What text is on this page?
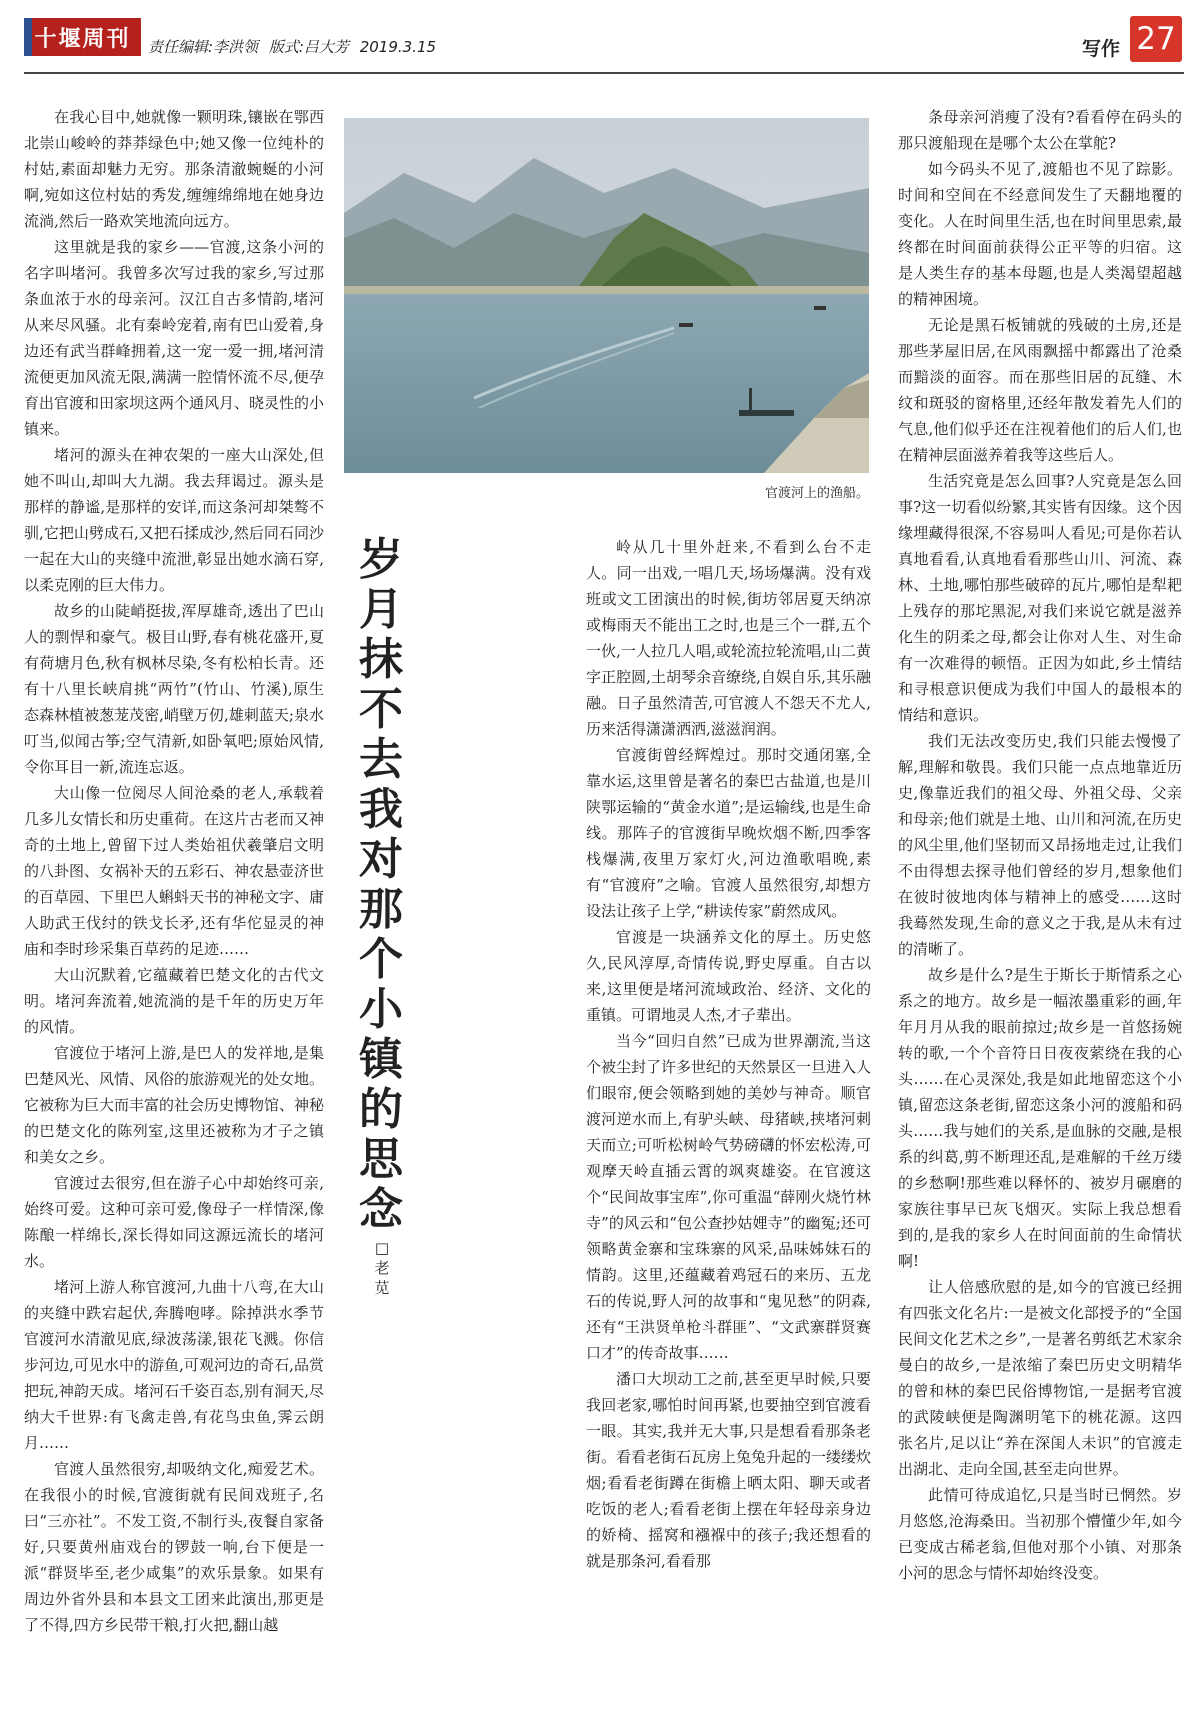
十堰周刊	责任编辑:李洪领 版式:吕大芳 2019.3.15	写作 27

在我心目中,她就像一颗明珠,镶嵌在鄂西北崇山峻岭的莽莽绿色中;她又像一位纯朴的村姑,素面却魅力无穷。那条清澈蜿蜒的小河啊,宛如这位村姑的秀发,缠缠绵绵地在她身边流淌,然后一路欢笑地流向远方。

这里就是我的家乡——官渡,这条小河的名字叫堵河。我曾多次写过我的家乡,写过那条血浓于水的母亲河。汉江自古多情韵,堵河从来尽风骚。北有秦岭宠着,南有巴山爱着,身边还有武当群峰拥着,这一宠一爱一拥,堵河清流便更加风流无限,满满一腔情怀流不尽,便孕育出官渡和田家坝这两个通风月、晓灵性的小镇来。

堵河的源头在神农架的一座大山深处,但她不叫山,却叫大九湖。我去拜谒过。源头是那样的静谧,是那样的安详,而这条河却桀骜不驯,它把山劈成石,又把石揉成沙,然后同石同沙一起在大山的夹缝中流泄,彰显出她水滴石穿,以柔克刚的巨大伟力。

故乡的山陡峭挺拔,浑厚雄奇,透出了巴山人的剽悍和豪气。极目山野,春有桃花盛开,夏有荷塘月色,秋有枫林尽染,冬有松柏长青。还有十八里长峡肩挑“两竹”(竹山、竹溪),原生态森林植被葱茏茂密,峭壁万仞,雄刺蓝天;泉水叮当,似闻古筝;空气清新,如卧氧吧;原始风情,令你耳目一新,流连忘返。

大山像一位阅尽人间沧桑的老人,承载着几多儿女情长和历史重荷。在这片古老而又神奇的土地上,曾留下过人类始祖伏羲肇启文明的八卦图、女祸补天的五彩石、神农悬壶济世的百草园、下里巴人蝌蚪天书的神秘文字、庸人助武王伐纣的铁戈长矛,还有华佗显灵的神庙和李时珍采集百草药的足迹……

大山沉默着,它蕴藏着巴楚文化的古代文明。堵河奔流着,她流淌的是千年的历史万年的风情。

官渡位于堵河上游,是巴人的发祥地,是集巴楚风光、风情、风俗的旅游观光的处女地。它被称为巨大而丰富的社会历史博物馆、神秘的巴楚文化的陈列室,这里还被称为才子之镇和美女之乡。

官渡过去很穷,但在游子心中却始终可亲,始终可爱。这种可亲可爱,像母子一样情深,像陈酿一样绵长,深长得如同这源远流长的堵河水。

堵河上游人称官渡河,九曲十八弯,在大山的夹缝中跌宕起伏,奔腾咆哮。除掉洪水季节官渡河水清澈见底,绿波荡漾,银花飞溅。你信步河边,可见水中的游鱼,可观河边的奇石,品赏把玩,神韵天成。堵河石千姿百态,别有洞天,尽纳大千世界:有飞禽走兽,有花鸟虫鱼,霁云朗月……

官渡人虽然很穷,却吸纳文化,痴爱艺术。在我很小的时候,官渡街就有民间戏班子,名曰“三亦社”。不发工资,不制行头,夜餐自家备好,只要黄州庙戏台的锣鼓一响,台下便是一派“群贤毕至,老少咸集”的欢乐景象。如果有周边外省外县和本县文工团来此演出,那更是了不得,四方乡民带干粮,打火把,翻山越

官渡河上的渔船。
岁月抹不去我对那个小镇的思念
□老苋

岭从几十里外赶来,不看到么台不走人。同一出戏,一唱几天,场场爆满。没有戏班或文工团演出的时候,街坊邻居夏天纳凉或梅雨天不能出工之时,也是三个一群,五个一伙,一人拉几人唱,或轮流拉轮流唱,山二黄字正腔圆,土胡琴余音缭绕,自娱自乐,其乐融融。日子虽然清苦,可官渡人不怨天不尤人,历来活得潇潇洒洒,滋滋润润。

官渡街曾经辉煌过。那时交通闭塞,全靠水运,这里曾是著名的秦巴古盐道,也是川陕鄂运输的“黄金水道”;是运输线,也是生命线。那阵子的官渡街早晚炊烟不断,四季客栈爆满,夜里万家灯火,河边渔歌唱晚,素有“官渡府”之喻。官渡人虽然很穷,却想方设法让孩子上学,“耕读传家”蔚然成风。

官渡是一块涵养文化的厚土。历史悠久,民风淳厚,奇情传说,野史厚重。自古以来,这里便是堵河流域政治、经济、文化的重镇。可谓地灵人杰,才子辈出。

当今“回归自然”已成为世界潮流,当这个被尘封了许多世纪的天然景区一旦进入人们眼帘,便会领略到她的美妙与神奇。顺官渡河逆水而上,有驴头峡、母猪峡,挟堵河刺天而立;可听松树岭气势磅礴的怀宏松涛,可观摩天岭直插云霄的飒爽雄姿。在官渡这个“民间故事宝库”,你可重温“薛刚火烧竹林寺”的风云和“包公查抄姑娌寺”的幽冤;还可领略黄金寨和宝珠寨的风采,品味姊妹石的情韵。这里,还蕴藏着鸡冠石的来历、五龙石的传说,野人河的故事和“鬼见愁”的阴森,还有“王洪贤单枪斗群匪”、“文武寨群贤赛口才”的传奇故事……

潘口大坝动工之前,甚至更早时候,只要我回老家,哪怕时间再紧,也要抽空到官渡看一眼。其实,我并无大事,只是想看看那条老街。看看老街石瓦房上兔兔升起的一缕缕炊烟;看看老街蹲在街檐上晒太阳、聊天或者吃饭的老人;看看老街上摆在年轻母亲身边的娇椅、摇窝和襁褓中的孩子;我还想看的就是那条河,看看那

条母亲河消瘦了没有?看看停在码头的那只渡船现在是哪个太公在掌舵?

如今码头不见了,渡船也不见了踪影。时间和空间在不经意间发生了天翻地覆的变化。人在时间里生活,也在时间里思索,最终都在时间面前获得公正平等的归宿。这是人类生存的基本母题,也是人类渴望超越的精神困境。

无论是黑石板铺就的残破的土房,还是那些茅屋旧居,在风雨飘摇中都露出了沧桑而黯淡的面容。而在那些旧居的瓦缝、木纹和斑驳的窗格里,还经年散发着先人们的气息,他们似乎还在注视着他们的后人们,也在精神层面滋养着我等这些后人。

生活究竟是怎么回事?人究竟是怎么回事?这一切看似纷繁,其实皆有因缘。这个因缘埋藏得很深,不容易叫人看见;可是你若认真地看看,认真地看看那些山川、河流、森林、土地,哪怕那些破碎的瓦片,哪怕是犁耙上残存的那坨黑泥,对我们来说它就是滋养化生的阴柔之母,都会让你对人生、对生命有一次难得的顿悟。正因为如此,乡土情结和寻根意识便成为我们中国人的最根本的情结和意识。

我们无法改变历史,我们只能去慢慢了解,理解和敬畏。我们只能一点点地靠近历史,像靠近我们的祖父母、外祖父母、父亲和母亲;他们就是土地、山川和河流,在历史的风尘里,他们坚韧而又昂扬地走过,让我们不由得想去探寻他们曾经的岁月,想象他们在彼时彼地肉体与精神上的感受……这时我蓦然发现,生命的意义之于我,是从未有过的清晰了。

故乡是什么?是生于斯长于斯情系之心系之的地方。故乡是一幅浓墨重彩的画,年年月月从我的眼前掠过;故乡是一首悠扬婉转的歌,一个个音符日日夜夜萦绕在我的心头……在心灵深处,我是如此地留恋这个小镇,留恋这条老街,留恋这条小河的渡船和码头……我与她们的关系,是血脉的交融,是根系的纠葛,剪不断理还乱,是难解的千丝万缕的乡愁啊!那些难以释怀的、被岁月碾磨的家族往事早已灰飞烟灭。实际上我总想看到的,是我的家乡人在时间面前的生命情状啊!

让人倍感欣慰的是,如今的官渡已经拥有四张文化名片:一是被文化部授予的“全国民间文化艺术之乡”,一是著名剪纸艺术家余曼白的故乡,一是浓缩了秦巴历史文明精华的曾和林的秦巴民俗博物馆,一是据考官渡的武陵峡便是陶渊明笔下的桃花源。这四张名片,足以让“养在深闺人未识”的官渡走出湖北、走向全国,甚至走向世界。

此情可待成追忆,只是当时已惘然。岁月悠悠,沧海桑田。当初那个懵懂少年,如今已变成古稀老翁,但他对那个小镇、对那条小河的思念与情怀却始终没变。
